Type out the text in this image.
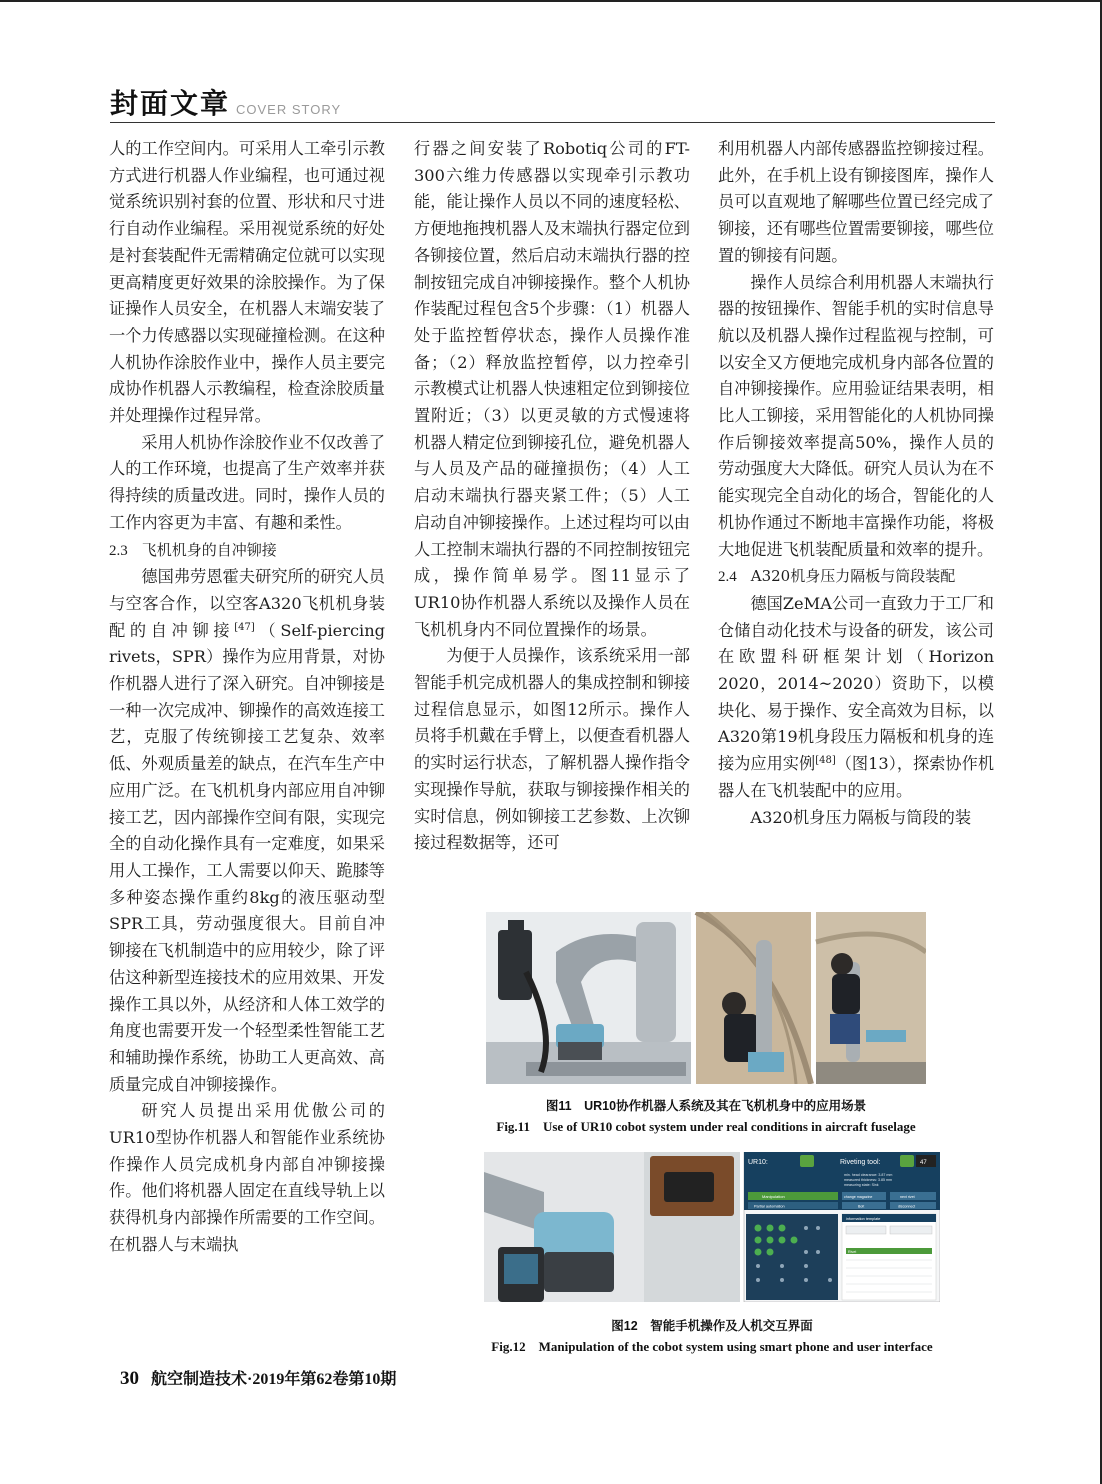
封面文章 COVER STORY

人的工作空间内。可采用人工牵引示教方式进行机器人作业编程，也可通过视觉系统识别衬套的位置、形状和尺寸进行自动作业编程。采用视觉系统的好处是衬套装配件无需精确定位就可以实现更高精度更好效果的涂胶操作。为了保证操作人员安全，在机器人末端安装了一个力传感器以实现碰撞检测。在这种人机协作涂胶作业中，操作人员主要完成协作机器人示教编程，检查涂胶质量并处理操作过程异常。

采用人机协作涂胶作业不仅改善了人的工作环境，也提高了生产效率并获得持续的质量改进。同时，操作人员的工作内容更为丰富、有趣和柔性。

2.3 飞机机身的自冲铆接

德国弗劳恩霍夫研究所的研究人员与空客合作，以空客A320飞机机身装配的自冲铆接[47]（Self-piercing rivets，SPR）操作为应用背景，对协作机器人进行了深入研究。自冲铆接是一种一次完成冲、铆操作的高效连接工艺，克服了传统铆接工艺复杂、效率低、外观质量差的缺点，在汽车生产中应用广泛。在飞机机身内部应用自冲铆接工艺，因内部操作空间有限，实现完全的自动化操作具有一定难度，如果采用人工操作，工人需要以仰天、跪膝等多种姿态操作重约8kg的液压驱动型SPR工具，劳动强度很大。目前自冲铆接在飞机制造中的应用较少，除了评估这种新型连接技术的应用效果、开发操作工具以外，从经济和人体工效学的角度也需要开发一个轻型柔性智能工艺和辅助操作系统，协助工人更高效、高质量完成自冲铆接操作。

研究人员提出采用优傲公司的UR10型协作机器人和智能作业系统协作操作人员完成机身内部自冲铆接操作。他们将机器人固定在直线导轨上以获得机身内部操作所需要的工作空间。在机器人与末端执

行器之间安装了Robotiq公司的FT-300六维力传感器以实现牵引示教功能，能让操作人员以不同的速度轻松、方便地拖拽机器人及末端执行器定位到各铆接位置，然后启动末端执行器的控制按钮完成自冲铆接操作。整个人机协作装配过程包含5个步骤：（1）机器人处于监控暂停状态，操作人员操作准备；（2）释放监控暂停，以力控牵引示教模式让机器人快速粗定位到铆接位置附近；（3）以更灵敏的方式慢速将机器人精定位到铆接孔位，避免机器人与人员及产品的碰撞损伤；（4）人工启动末端执行器夹紧工件；（5）人工启动自冲铆接操作。上述过程均可以由人工控制末端执行器的不同控制按钮完成，操作简单易学。图11显示了UR10协作机器人系统以及操作人员在飞机机身内不同位置操作的场景。

为便于人员操作，该系统采用一部智能手机完成机器人的集成控制和铆接过程信息显示，如图12所示。操作人员将手机戴在手臂上，以便查看机器人的实时运行状态，了解机器人操作指令实现操作导航，获取与铆接操作相关的实时信息，例如铆接工艺参数、上次铆接过程数据等，还可

利用机器人内部传感器监控铆接过程。此外，在手机上设有铆接图库，操作人员可以直观地了解哪些位置已经完成了铆接，还有哪些位置需要铆接，哪些位置的铆接有问题。

操作人员综合利用机器人末端执行器的按钮操作、智能手机的实时信息导航以及机器人操作过程监视与控制，可以安全又方便地完成机身内部各位置的自冲铆接操作。应用验证结果表明，相比人工铆接，采用智能化的人机协同操作后铆接效率提高50%，操作人员的劳动强度大大降低。研究人员认为在不能实现完全自动化的场合，智能化的人机协作通过不断地丰富操作功能，将极大地促进飞机装配质量和效率的提升。

2.4 A320机身压力隔板与筒段装配

德国ZeMA公司一直致力于工厂和仓储自动化技术与设备的研发，该公司在欧盟科研框架计划（Horizon 2020，2014~2020）资助下，以模块化、易于操作、安全高效为目标，以A320第19机身段压力隔板和机身的连接为应用实例[48]（图13），探索协作机器人在飞机装配中的应用。

A320机身压力隔板与筒段的装

图11　UR10协作机器人系统及其在飞机机身中的应用场景
Fig.11　Use of UR10 cobot system under real conditions in aircraft fuselage
UR10:	Riveting tool:	47
min. head clearance: 3.87 mm
measured thickness: 3.85 mm
measuring state: Sink
Manipulation	change magazine	next rivet
Partial automation	Bolt	disconnect
information template
Rivet
图12　智能手机操作及人机交互界面
Fig.12　Manipulation of the cobot system using smart phone and user interface
30 航空制造技术·2019年第62卷第10期
